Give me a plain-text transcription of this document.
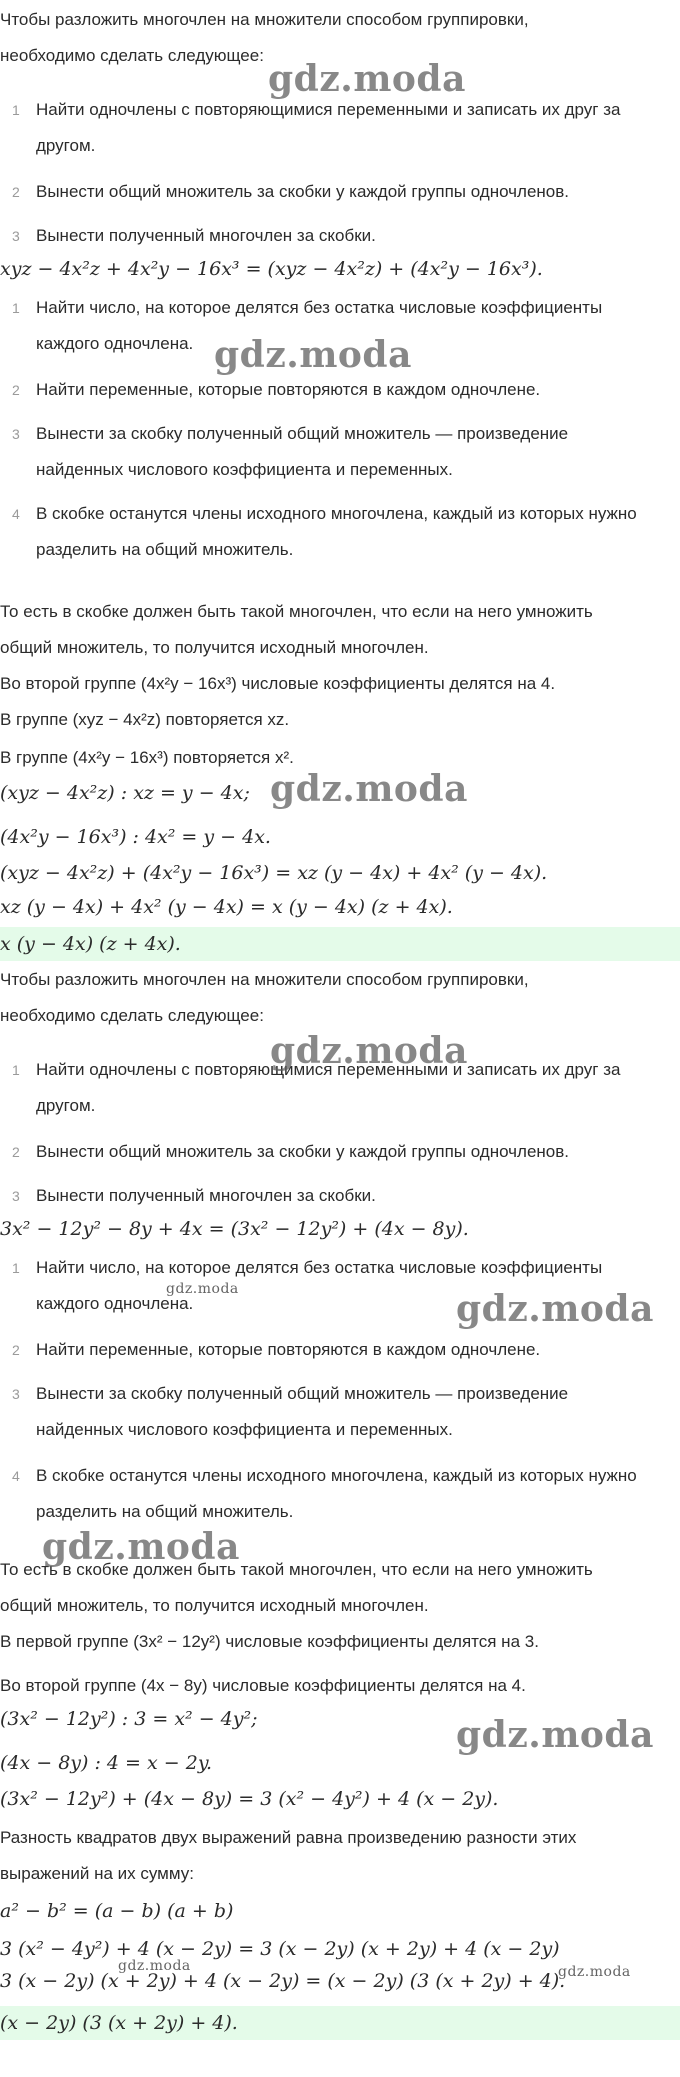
Чтобы разложить многочлен на множители способом группировки,

необходимо сделать следующее:

1 Найти одночлены с повторяющимися переменными и записать их друг за другом.
2 Вынести общий множитель за скобки у каждой группы одночленов.
3 Вынести полученный многочлен за скобки.
xyz − 4x²z + 4x²y − 16x³ = (xyz − 4x²z) + (4x²y − 16x³).
1 Найти число, на которое делятся без остатка числовые коэффициенты каждого одночлена.
2 Найти переменные, которые повторяются в каждом одночлене.
3 Вынести за скобку полученный общий множитель — произведение найденных числового коэффициента и переменных.
4 В скобке останутся члены исходного многочлена, каждый из которых нужно разделить на общий множитель.

То есть в скобке должен быть такой многочлен, что если на него умножить

общий множитель, то получится исходный многочлен.

Во второй группе (4x²y − 16x³) числовые коэффициенты делятся на 4.

В группе (xyz − 4x²z) повторяется xz.

В группе (4x²y − 16x³) повторяется x².

(xyz − 4x²z) : xz = y − 4x;
(4x²y − 16x³) : 4x² = y − 4x.
(xyz − 4x²z) + (4x²y − 16x³) = xz (y − 4x) + 4x² (y − 4x).
xz (y − 4x) + 4x² (y − 4x) = x (y − 4x) (z + 4x).
x (y − 4x) (z + 4x).

Чтобы разложить многочлен на множители способом группировки,

необходимо сделать следующее:

1 Найти одночлены с повторяющимися переменными и записать их друг за другом.
2 Вынести общий множитель за скобки у каждой группы одночленов.
3 Вынести полученный многочлен за скобки.
3x² − 12y² − 8y + 4x = (3x² − 12y²) + (4x − 8y).
1 Найти число, на которое делятся без остатка числовые коэффициенты каждого одночлена.
2 Найти переменные, которые повторяются в каждом одночлене.
3 Вынести за скобку полученный общий множитель — произведение найденных числового коэффициента и переменных.
4 В скобке останутся члены исходного многочлена, каждый из которых нужно разделить на общий множитель.

То есть в скобке должен быть такой многочлен, что если на него умножить

общий множитель, то получится исходный многочлен.

В первой группе (3x² − 12y²) числовые коэффициенты делятся на 3.

Во второй группе (4x − 8y) числовые коэффициенты делятся на 4.

(3x² − 12y²) : 3 = x² − 4y²;
(4x − 8y) : 4 = x − 2y.
(3x² − 12y²) + (4x − 8y) = 3 (x² − 4y²) + 4 (x − 2y).

Разность квадратов двух выражений равна произведению разности этих

выражений на их сумму:

a² − b² = (a − b) (a + b)
3 (x² − 4y²) + 4 (x − 2y) = 3 (x − 2y) (x + 2y) + 4 (x − 2y)
3 (x − 2y) (x + 2y) + 4 (x − 2y) = (x − 2y) (3 (x + 2y) + 4).
(x − 2y) (3 (x + 2y) + 4).
gdz.moda
gdz.moda
gdz.moda
gdz.moda
gdz.moda	gdz.moda
gdz.moda
gdz.moda
gdz.moda	gdz.moda
